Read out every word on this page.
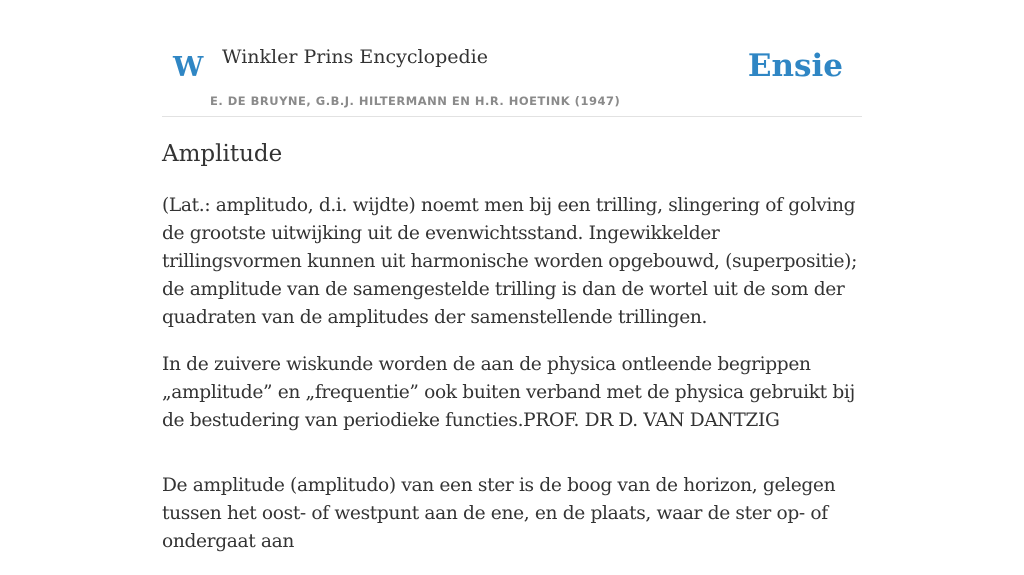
W Winkler Prins Encyclopedie
E. DE BRUYNE, G.B.J. HILTERMANN EN H.R. HOETINK (1947)
Ensie
Amplitude

(Lat.: amplitudo, d.i. wijdte) noemt men bij een trilling, slingering of golving de grootste uitwijking uit de evenwichtsstand. Ingewikkelder trillingsvormen kunnen uit harmonische worden opgebouwd, (superpositie); de amplitude van de samengestelde trilling is dan de wortel uit de som der quadraten van de amplitudes der samenstellende trillingen.

In de zuivere wiskunde worden de aan de physica ontleende begrippen „amplitude” en „frequentie” ook buiten verband met de physica gebruikt bij de bestudering van periodieke functies.PROF. DR D. VAN DANTZIG

De amplitude (amplitudo) van een ster is de boog van de horizon, gelegen tussen het oost- of westpunt aan de ene, en de plaats, waar de ster op- of ondergaat aan
